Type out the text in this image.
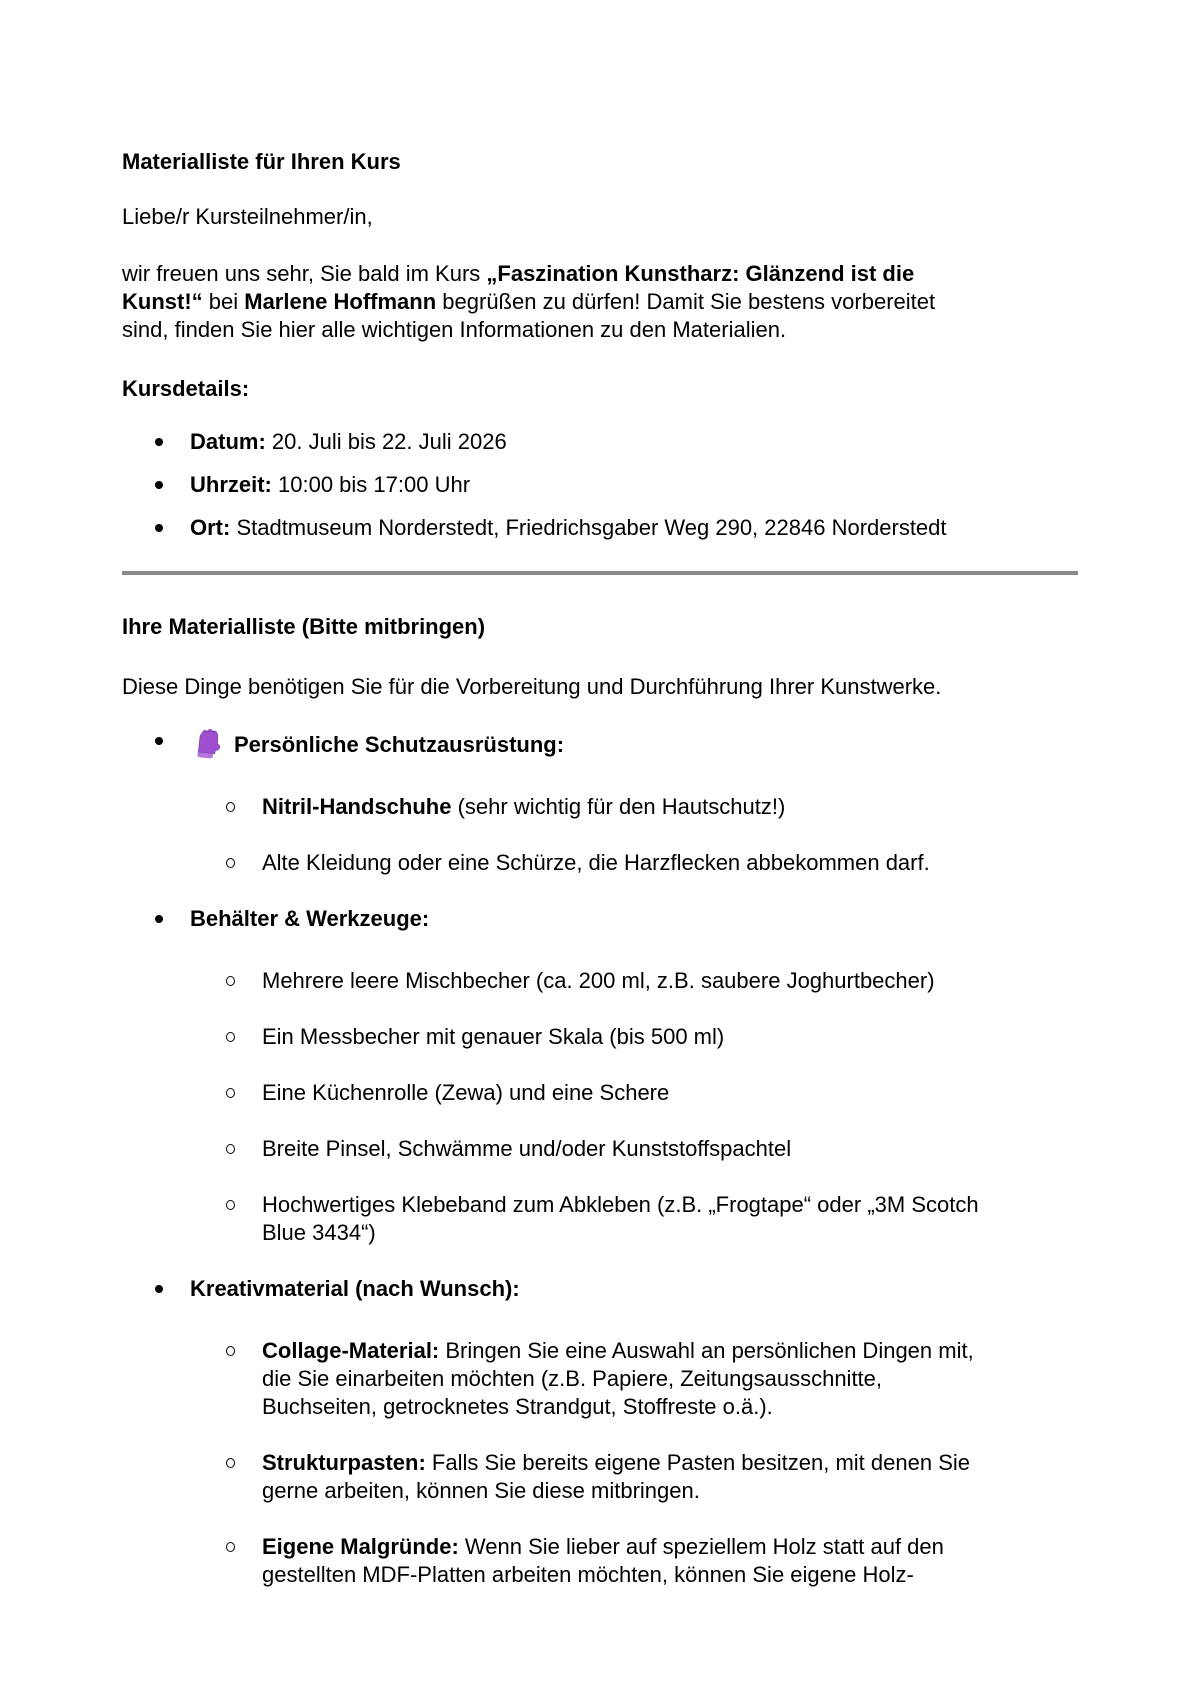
Materialliste für Ihren Kurs

Liebe/r Kursteilnehmer/in,

wir freuen uns sehr, Sie bald im Kurs „Faszination Kunstharz: Glänzend ist die
Kunst!“ bei Marlene Hoffmann begrüßen zu dürfen! Damit Sie bestens vorbereitet
sind, finden Sie hier alle wichtigen Informationen zu den Materialien.

Kursdetails:
Datum: 20. Juli bis 22. Juli 2026
Uhrzeit: 10:00 bis 17:00 Uhr
Ort: Stadtmuseum Norderstedt, Friedrichsgaber Weg 290, 22846 Norderstedt
Ihre Materialliste (Bitte mitbringen)

Diese Dinge benötigen Sie für die Vorbereitung und Durchführung Ihrer Kunstwerke.

Persönliche Schutzausrüstung:
Nitril-Handschuhe (sehr wichtig für den Hautschutz!)
Alte Kleidung oder eine Schürze, die Harzflecken abbekommen darf.
Behälter & Werkzeuge:
Mehrere leere Mischbecher (ca. 200 ml, z.B. saubere Joghurtbecher)
Ein Messbecher mit genauer Skala (bis 500 ml)
Eine Küchenrolle (Zewa) und eine Schere
Breite Pinsel, Schwämme und/oder Kunststoffspachtel
Hochwertiges Klebeband zum Abkleben (z.B. „Frogtape“ oder „3M Scotch
Blue 3434“)
Kreativmaterial (nach Wunsch):
Collage-Material: Bringen Sie eine Auswahl an persönlichen Dingen mit,
die Sie einarbeiten möchten (z.B. Papiere, Zeitungsausschnitte,
Buchseiten, getrocknetes Strandgut, Stoffreste o.ä.).
Strukturpasten: Falls Sie bereits eigene Pasten besitzen, mit denen Sie
gerne arbeiten, können Sie diese mitbringen.
Eigene Malgründe: Wenn Sie lieber auf speziellem Holz statt auf den
gestellten MDF-Platten arbeiten möchten, können Sie eigene Holz-
